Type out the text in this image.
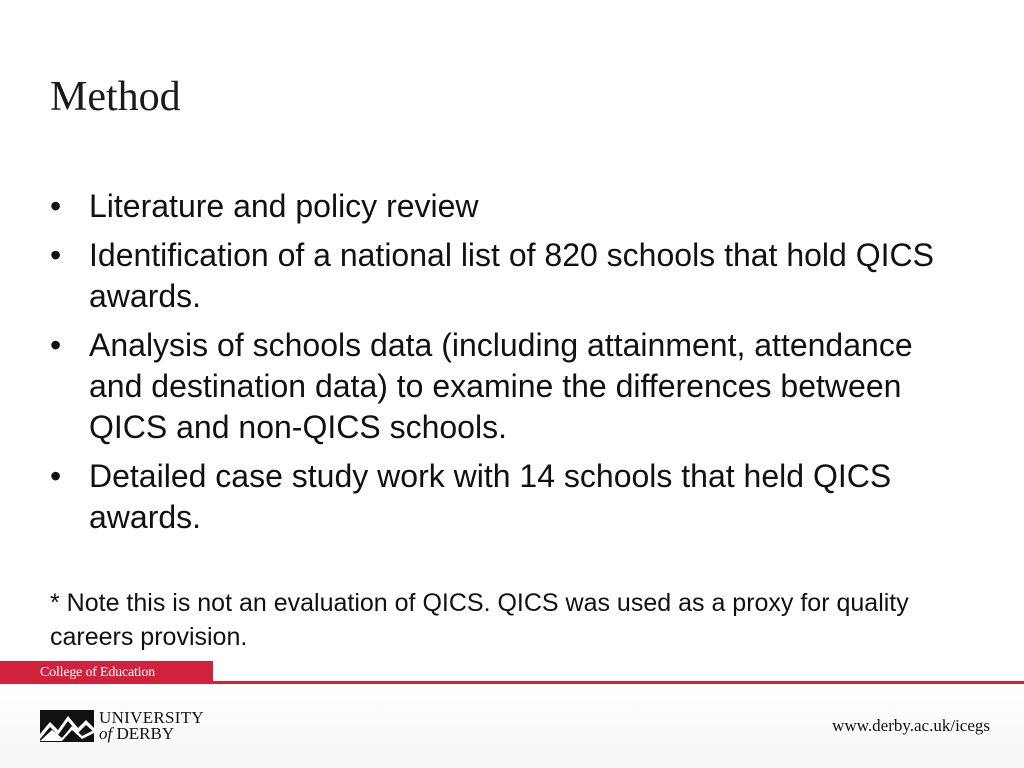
Method
• Literature and policy review
• Identification of a national list of 820 schools that hold QICS awards.
• Analysis of schools data (including attainment, attendance and destination data) to examine the differences between QICS and non-QICS schools.
• Detailed case study work with 14 schools that held QICS awards.

* Note this is not an evaluation of QICS. QICS was used as a proxy for quality careers provision.

College of Education
UNIVERSITY
of DERBY	www.derby.ac.uk/icegs
